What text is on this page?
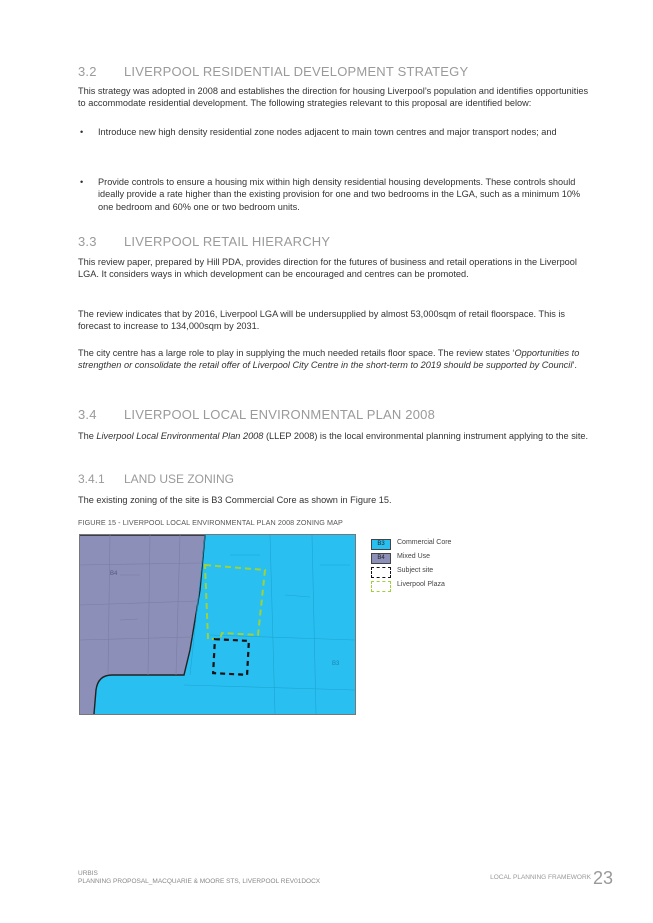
3.2 LIVERPOOL RESIDENTIAL DEVELOPMENT STRATEGY
This strategy was adopted in 2008 and establishes the direction for housing Liverpool’s population and identifies opportunities to accommodate residential development. The following strategies relevant to this proposal are identified below:
• Introduce new high density residential zone nodes adjacent to main town centres and major transport nodes; and
• Provide controls to ensure a housing mix within high density residential housing developments. These controls should ideally provide a rate higher than the existing provision for one and two bedrooms in the LGA, such as a minimum 10% one bedroom and 60% one or two bedroom units.
3.3 LIVERPOOL RETAIL HIERARCHY
This review paper, prepared by Hill PDA, provides direction for the futures of business and retail operations in the Liverpool LGA. It considers ways in which development can be encouraged and centres can be promoted.
The review indicates that by 2016, Liverpool LGA will be undersupplied by almost 53,000sqm of retail floorspace. This is forecast to increase to 134,000sqm by 2031.
The city centre has a large role to play in supplying the much needed retails floor space. The review states ‘Opportunities to strengthen or consolidate the retail offer of Liverpool City Centre in the short-term to 2019 should be supported by Council’.
3.4 LIVERPOOL LOCAL ENVIRONMENTAL PLAN 2008
The Liverpool Local Environmental Plan 2008 (LLEP 2008) is the local environmental planning instrument applying to the site.
3.4.1 LAND USE ZONING
The existing zoning of the site is B3 Commercial Core as shown in Figure 15.
FIGURE 15 - LIVERPOOL LOCAL ENVIRONMENTAL PLAN 2008 ZONING MAP
B4
B3
B3	Commercial Core
B4	Mixed Use
Subject site
Liverpool Plaza
URBIS
PLANNING PROPOSAL_MACQUARIE & MOORE STS, LIVERPOOL REV01DOCX
LOCAL PLANNING FRAMEWORK 23
